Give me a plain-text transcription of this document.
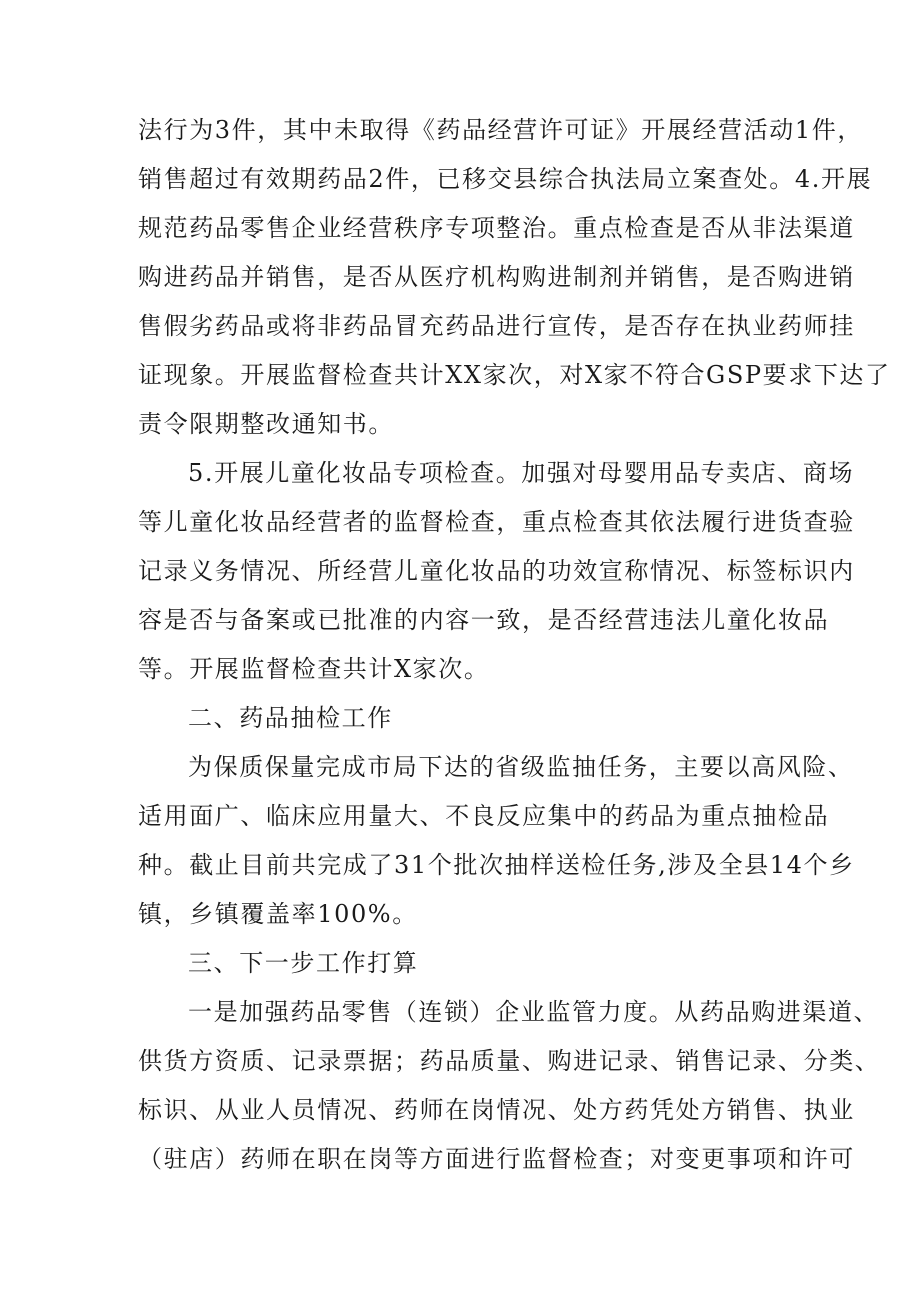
法行为3件，其中未取得《药品经营许可证》开展经营活动1件，
销售超过有效期药品2件，已移交县综合执法局立案查处。4.开展
规范药品零售企业经营秩序专项整治。重点检查是否从非法渠道
购进药品并销售，是否从医疗机构购进制剂并销售，是否购进销
售假劣药品或将非药品冒充药品进行宣传，是否存在执业药师挂
证现象。开展监督检查共计XX家次，对X家不符合GSP要求下达了
责令限期整改通知书。
5.开展儿童化妆品专项检查。加强对母婴用品专卖店、商场
等儿童化妆品经营者的监督检查，重点检查其依法履行进货查验
记录义务情况、所经营儿童化妆品的功效宣称情况、标签标识内
容是否与备案或已批准的内容一致，是否经营违法儿童化妆品
等。开展监督检查共计X家次。
二、药品抽检工作
为保质保量完成市局下达的省级监抽任务，主要以高风险、
适用面广、临床应用量大、不良反应集中的药品为重点抽检品
种。截止目前共完成了31个批次抽样送检任务,涉及全县14个乡
镇，乡镇覆盖率100%。
三、下一步工作打算
一是加强药品零售（连锁）企业监管力度。从药品购进渠道、
供货方资质、记录票据；药品质量、购进记录、销售记录、分类、
标识、从业人员情况、药师在岗情况、处方药凭处方销售、执业
（驻店）药师在职在岗等方面进行监督检查；对变更事项和许可
